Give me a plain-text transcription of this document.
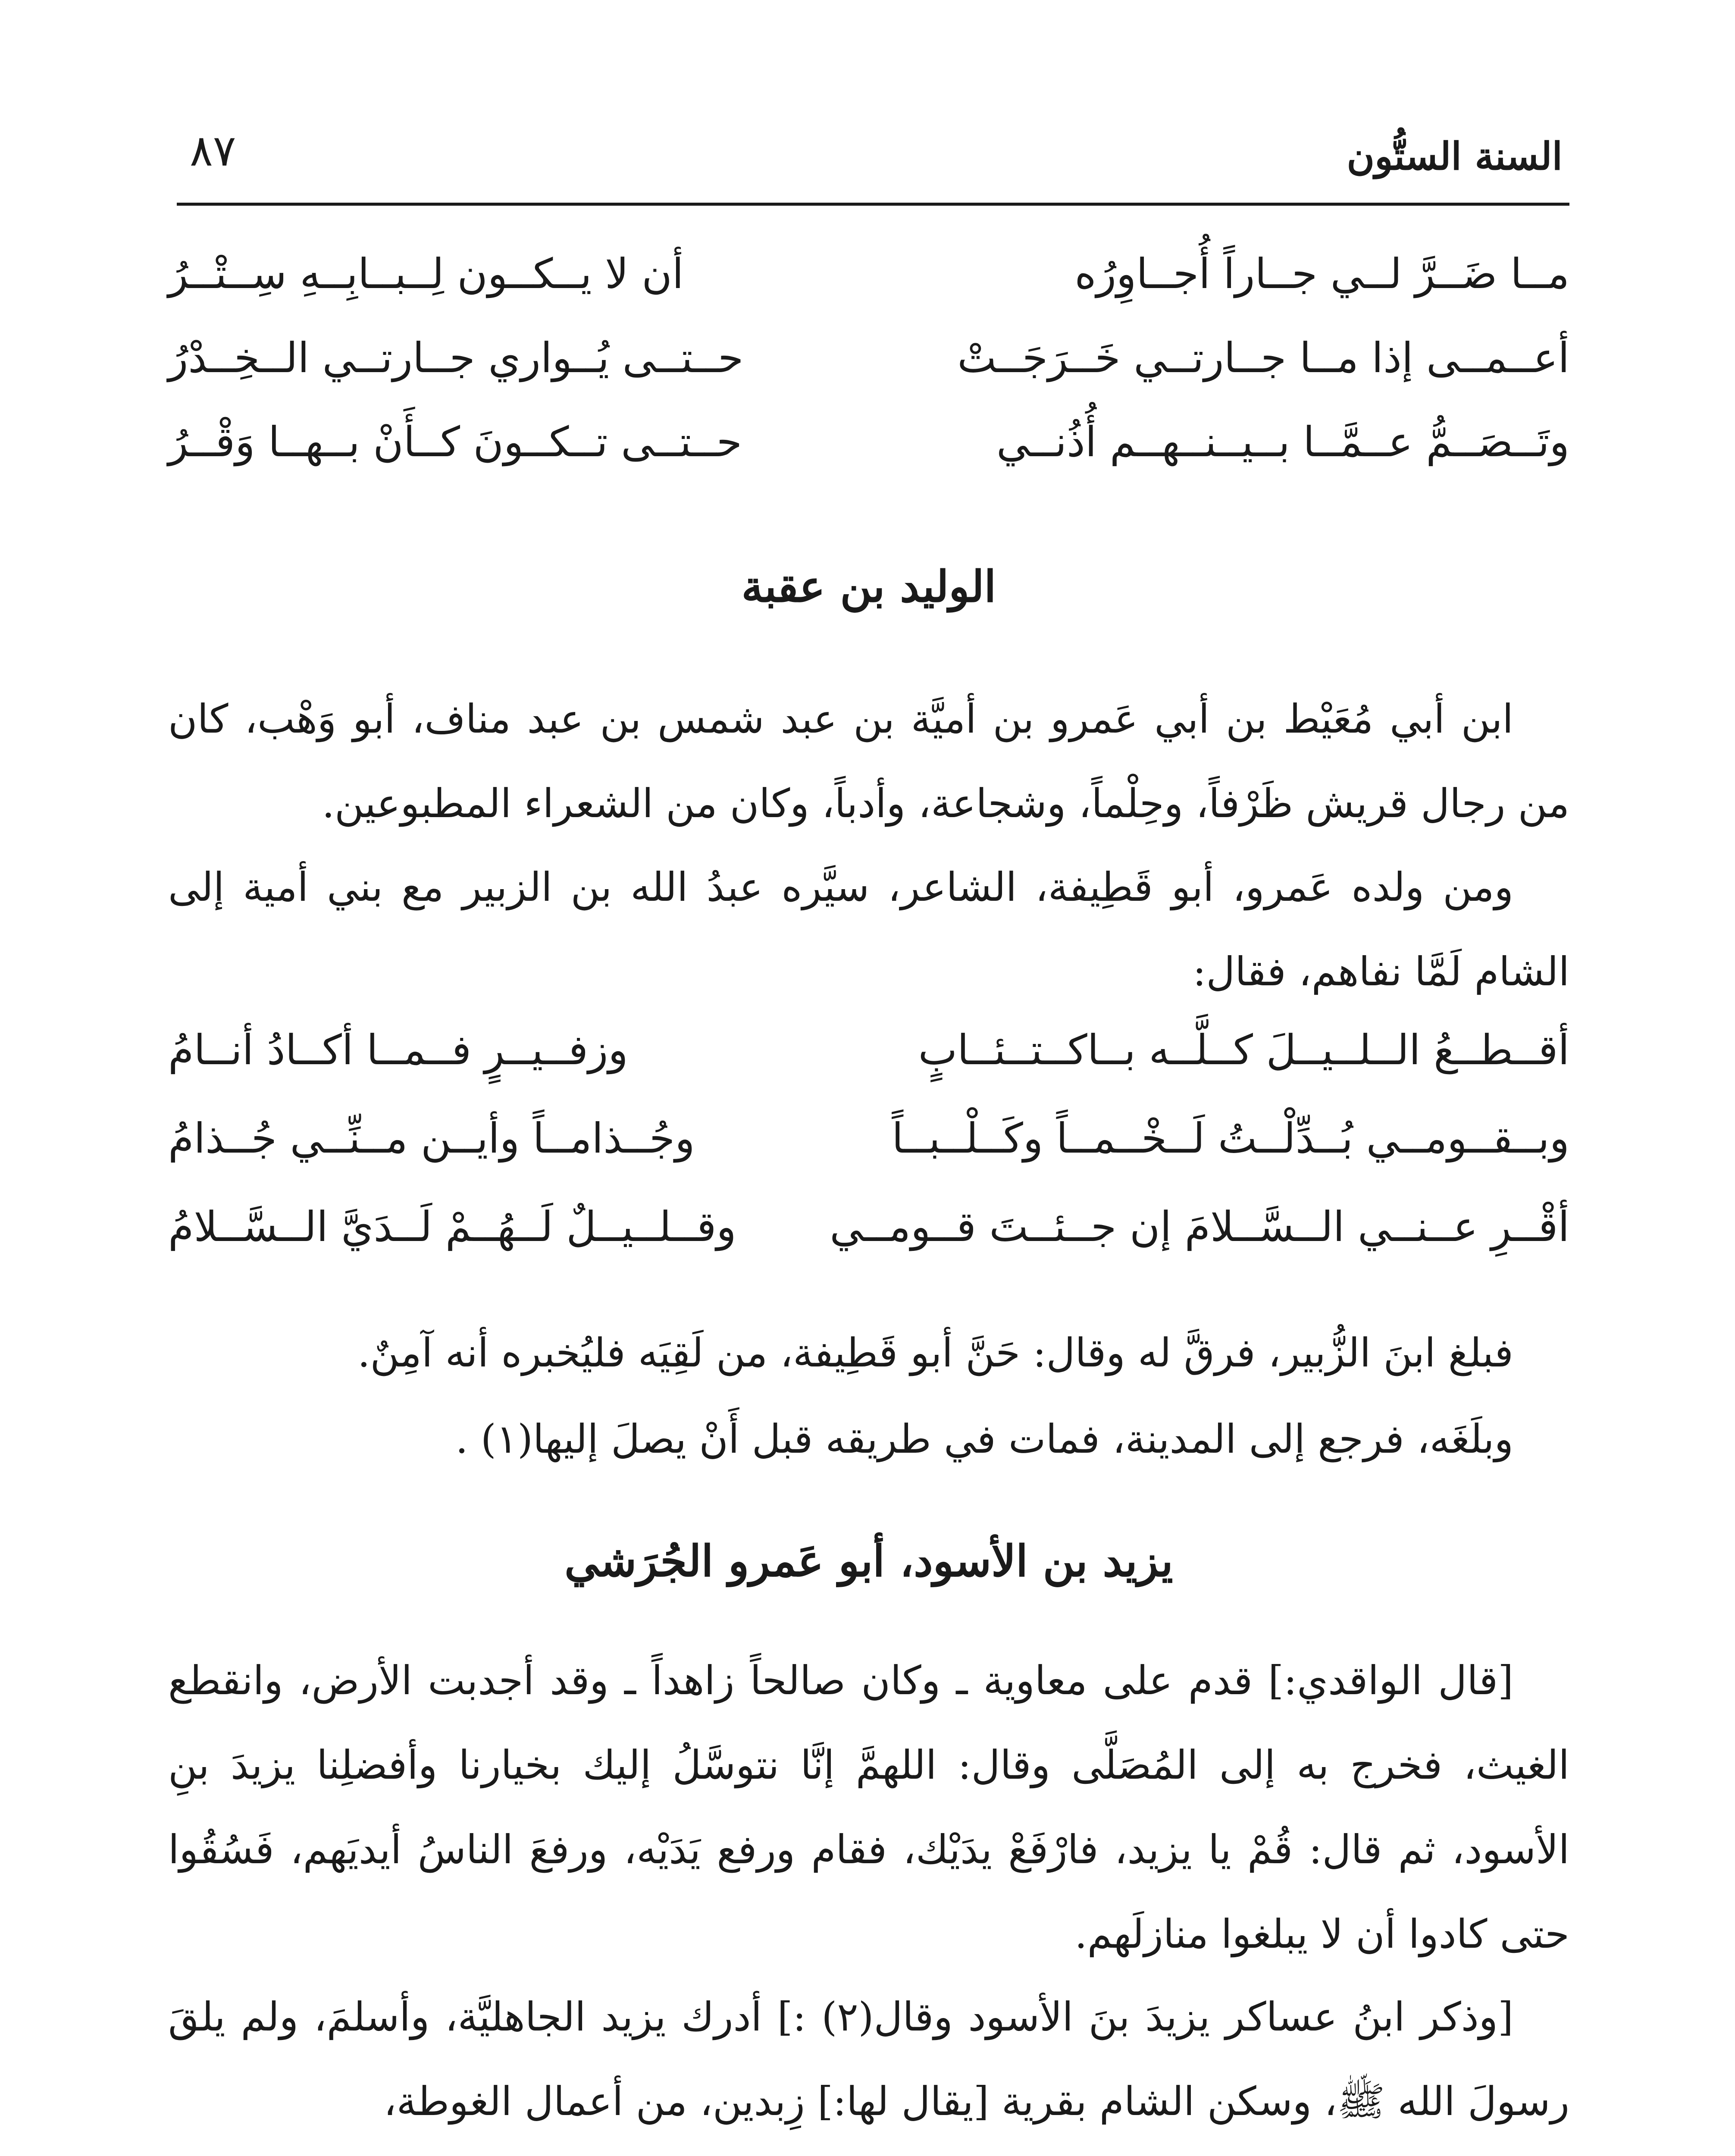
السنة الستُّون
٨٧
مــا ضَــرَّ لــي جــاراً أُجــاوِرُه
أن لا يــكــون لِــبــابِــهِ سِــتْــرُ
أعــمــى إذا مــا جــارتــي خَــرَجَــتْ
حــتــى يُــواري جــارتــي الــخِــدْرُ
وتَــصَــمُّ عــمَّــا بــيــنــهــم أُذُنــي
حــتــى تــكــونَ كــأَنْ بــهــا وَقْــرُ
الوليد بن عقبة
ابن أبي مُعَيْط بن أبي عَمرو بن أميَّة بن عبد شمس بن عبد مناف، أبو وَهْب، كان من رجال قريش ظَرْفاً، وحِلْماً، وشجاعة، وأدباً، وكان من الشعراء المطبوعين.
ومن ولده عَمرو، أبو قَطِيفة، الشاعر، سيَّره عبدُ الله بن الزبير مع بني أمية إلى الشام لَمَّا نفاهم، فقال:
أقــطــعُ الــلــيــلَ كــلَّــه بــاكــتــئــابٍ
وزفــيــرٍ فــمــا أكــادُ أنــامُ
وبــقــومــي بُــدِّلْــتُ لَــخْــمــاً وكَــلْــبــاً
وجُــذامــاً وأيــن مــنِّــي جُــذامُ
أقْــرِ عــنــي الــسَّــلامَ إن جــئــتَ قــومــي
وقــلــيــلٌ لَــهُــمْ لَــدَيَّ الــسَّــلامُ
فبلغ ابنَ الزُّبير، فرقَّ له وقال: حَنَّ أبو قَطِيفة، من لَقِيَه فليُخبره أنه آمِنٌ.
وبلَغَه، فرجع إلى المدينة، فمات في طريقه قبل أَنْ يصلَ إليها(١) .
يزيد بن الأسود، أبو عَمرو الجُرَشي
[قال الواقدي:] قدم على معاوية ـ وكان صالحاً زاهداً ـ وقد أجدبت الأرض، وانقطع الغيث، فخرج به إلى المُصَلَّى وقال: اللهمَّ إنَّا نتوسَّلُ إليك بخيارنا وأفضلِنا يزيدَ بنِ الأسود، ثم قال: قُمْ يا يزيد، فارْفَعْ يدَيْك، فقام ورفع يَدَيْه، ورفعَ الناسُ أيديَهم، فَسُقُوا حتى كادوا أن لا يبلغوا منازلَهم.
[وذكر ابنُ عساكر يزيدَ بنَ الأسود وقال(٢) :] أدرك يزيد الجاهليَّة، وأسلمَ، ولم يلقَ رسولَ الله ﷺ، وسكن الشام بقرية [يقال لها:] زِبدين، من أعمال الغوطة،
